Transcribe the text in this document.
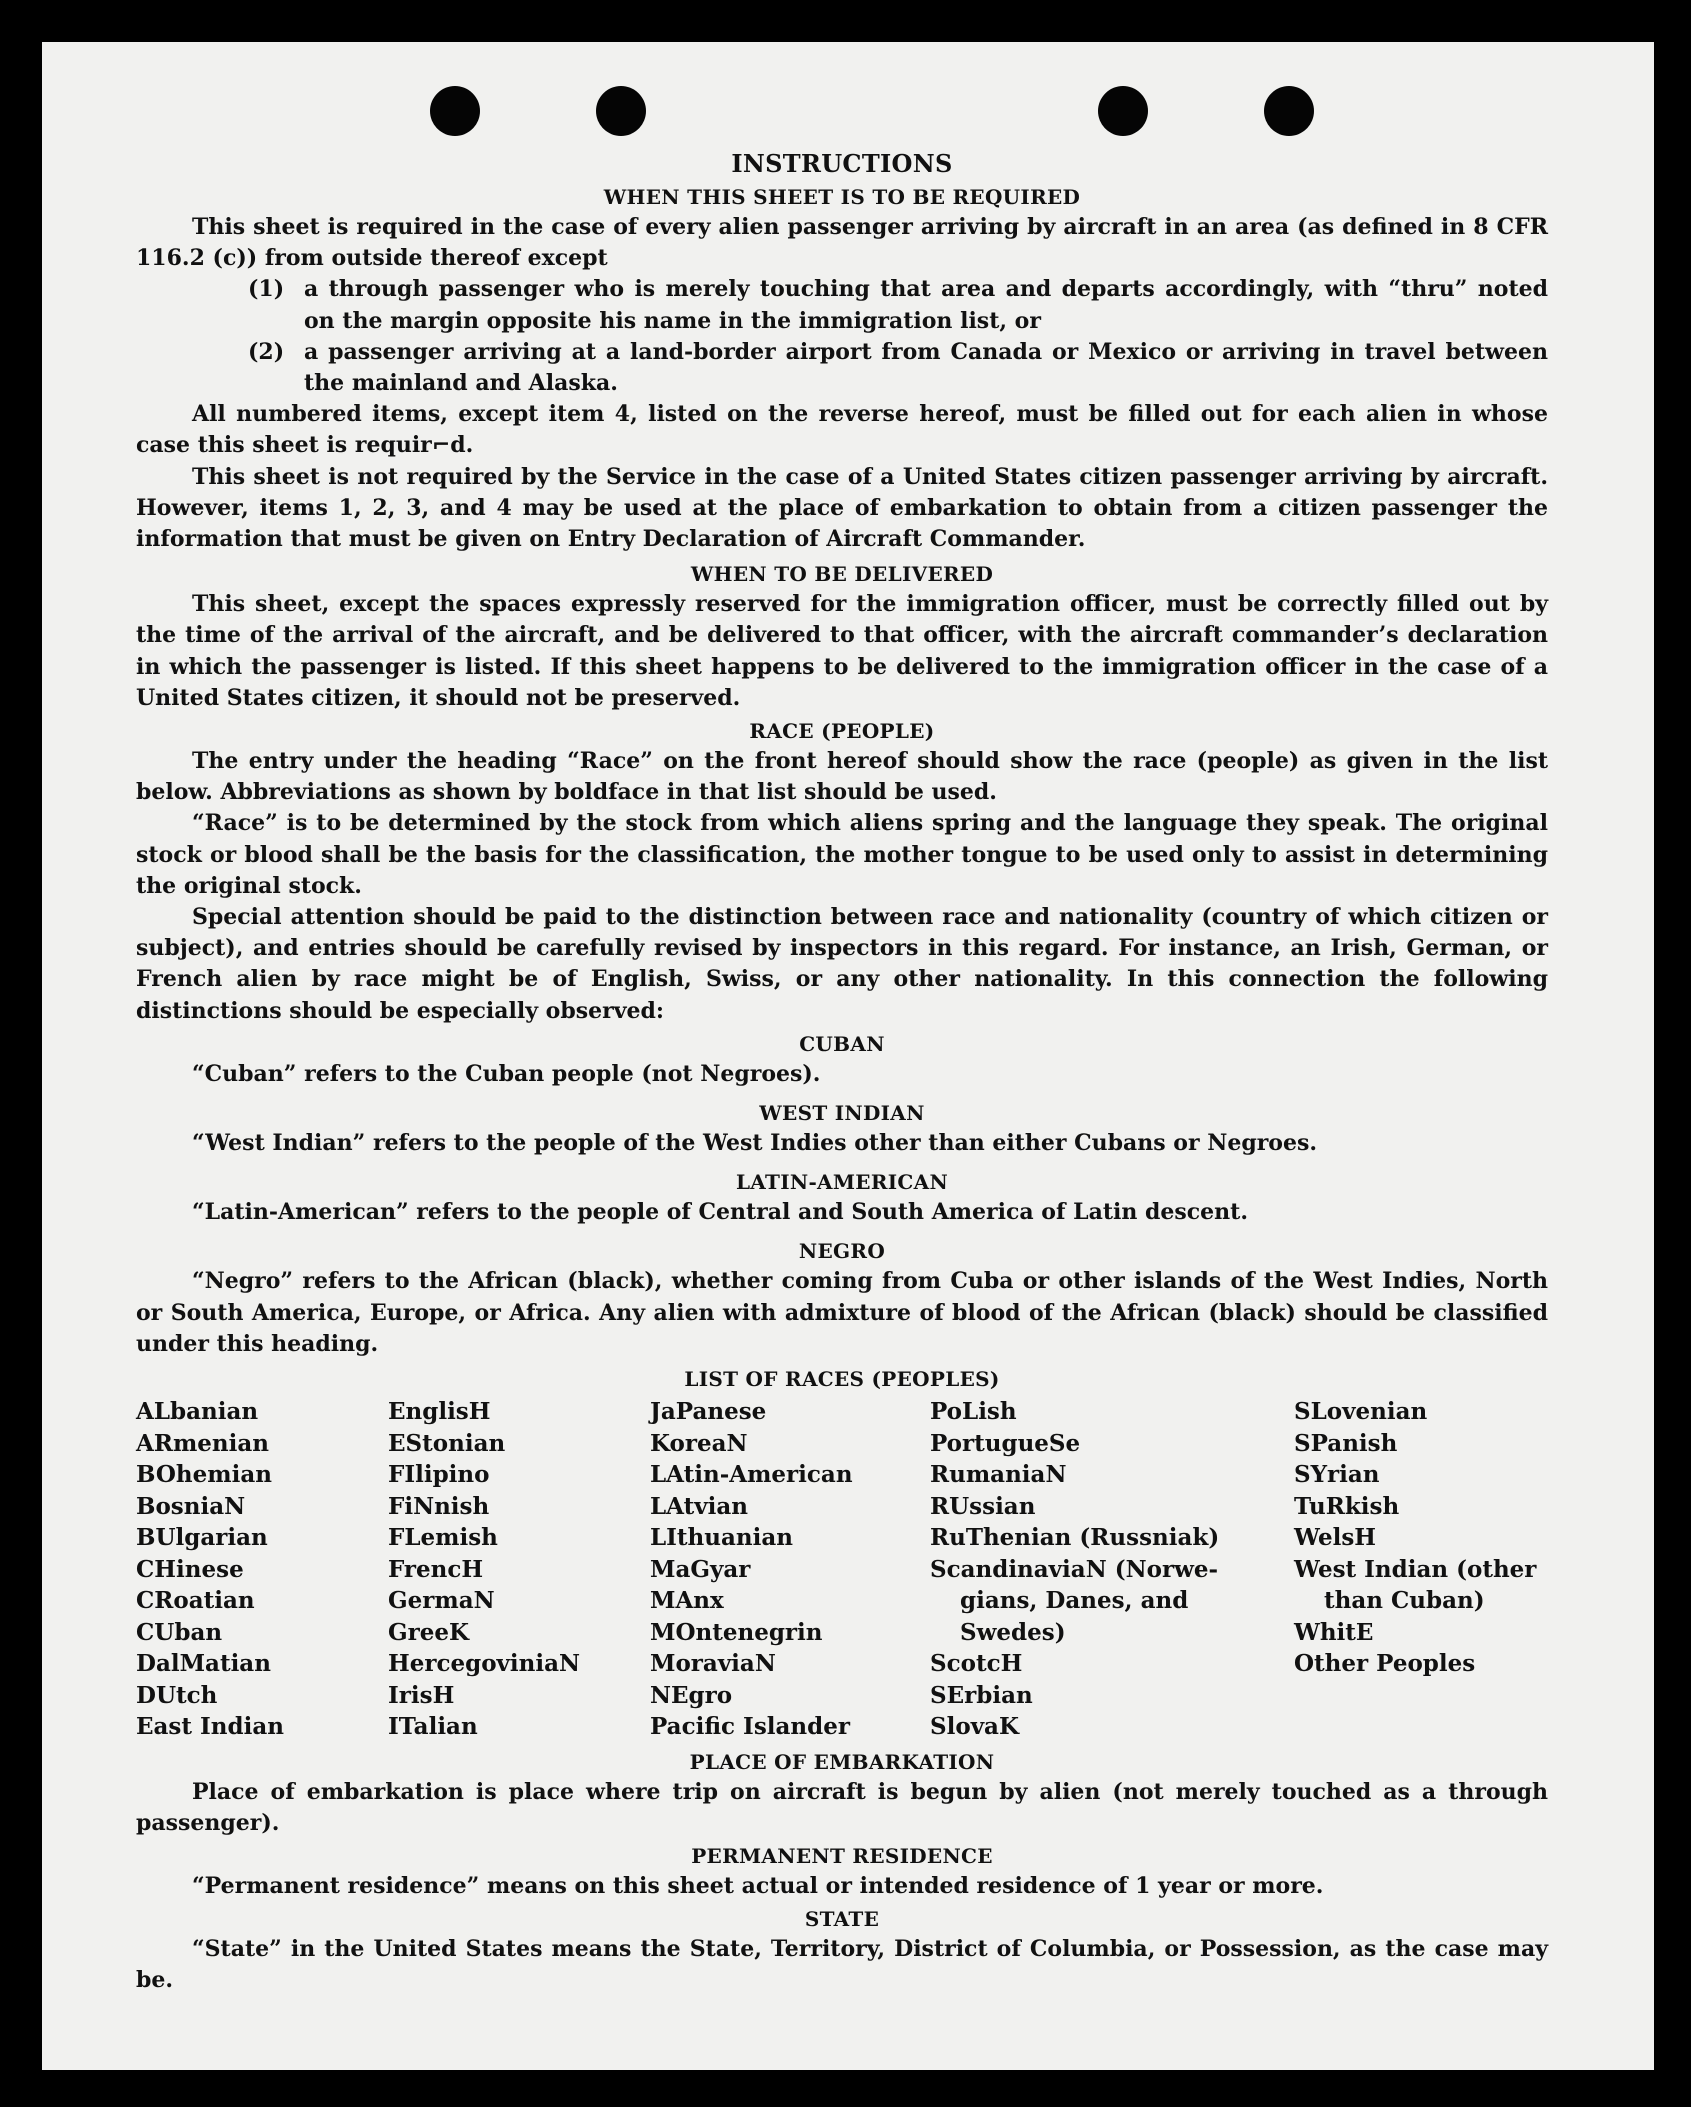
INSTRUCTIONS
WHEN THIS SHEET IS TO BE REQUIRED

This sheet is required in the case of every alien passenger arriving by aircraft in an area (as defined in 8 CFR 116.2 (c)) from outside thereof except

(1) a through passenger who is merely touching that area and departs accordingly, with “thru” noted on the margin opposite his name in the immigration list, or
(2) a passenger arriving at a land-border airport from Canada or Mexico or arriving in travel between the mainland and Alaska.

All numbered items, except item 4, listed on the reverse hereof, must be filled out for each alien in whose case this sheet is requir⌐d.

This sheet is not required by the Service in the case of a United States citizen passenger arriving by aircraft. However, items 1, 2, 3, and 4 may be used at the place of embarkation to obtain from a citizen passenger the information that must be given on Entry Declaration of Aircraft Commander.

WHEN TO BE DELIVERED

This sheet, except the spaces expressly reserved for the immigration officer, must be correctly filled out by the time of the arrival of the aircraft, and be delivered to that officer, with the aircraft commander’s declaration in which the passenger is listed. If this sheet happens to be delivered to the immigration officer in the case of a United States citizen, it should not be preserved.

RACE (PEOPLE)

The entry under the heading “Race” on the front hereof should show the race (people) as given in the list below. Abbreviations as shown by boldface in that list should be used.

“Race” is to be determined by the stock from which aliens spring and the language they speak. The original stock or blood shall be the basis for the classification, the mother tongue to be used only to assist in determining the original stock.

Special attention should be paid to the distinction between race and nationality (country of which citizen or subject), and entries should be carefully revised by inspectors in this regard. For instance, an Irish, German, or French alien by race might be of English, Swiss, or any other nationality. In this connection the following distinctions should be especially observed:

CUBAN

“Cuban” refers to the Cuban people (not Negroes).

WEST INDIAN

“West Indian” refers to the people of the West Indies other than either Cubans or Negroes.

LATIN-AMERICAN

“Latin-American” refers to the people of Central and South America of Latin descent.

NEGRO

“Negro” refers to the African (black), whether coming from Cuba or other islands of the West Indies, North or South America, Europe, or Africa. Any alien with admixture of blood of the African (black) should be classified under this heading.

LIST OF RACES (PEOPLES)
ALbanian
ARmenian
BOhemian
BosniaN
BUlgarian
CHinese
CRoatian
CUban
DalMatian
DUtch
East Indian
EnglisH
EStonian
FIlipino
FiNnish
FLemish
FrencH
GermaN
GreeK
HercegoviniaN
IrisH
ITalian
JaPanese
KoreaN
LAtin-American
LAtvian
LIthuanian
MaGyar
MAnx
MOntenegrin
MoraviaN
NEgro
Pacific Islander
PoLish
PortugueSe
RumaniaN
RUssian
RuThenian (Russniak)
ScandinaviaN (Norwe-
gians, Danes, and
Swedes)
ScotcH
SErbian
SlovaK
SLovenian
SPanish
SYrian
TuRkish
WelsH
West Indian (other
than Cuban)
WhitE
Other Peoples
PLACE OF EMBARKATION

Place of embarkation is place where trip on aircraft is begun by alien (not merely touched as a through passenger).

PERMANENT RESIDENCE

“Permanent residence” means on this sheet actual or intended residence of 1 year or more.

STATE

“State” in the United States means the State, Territory, District of Columbia, or Possession, as the case may be.
